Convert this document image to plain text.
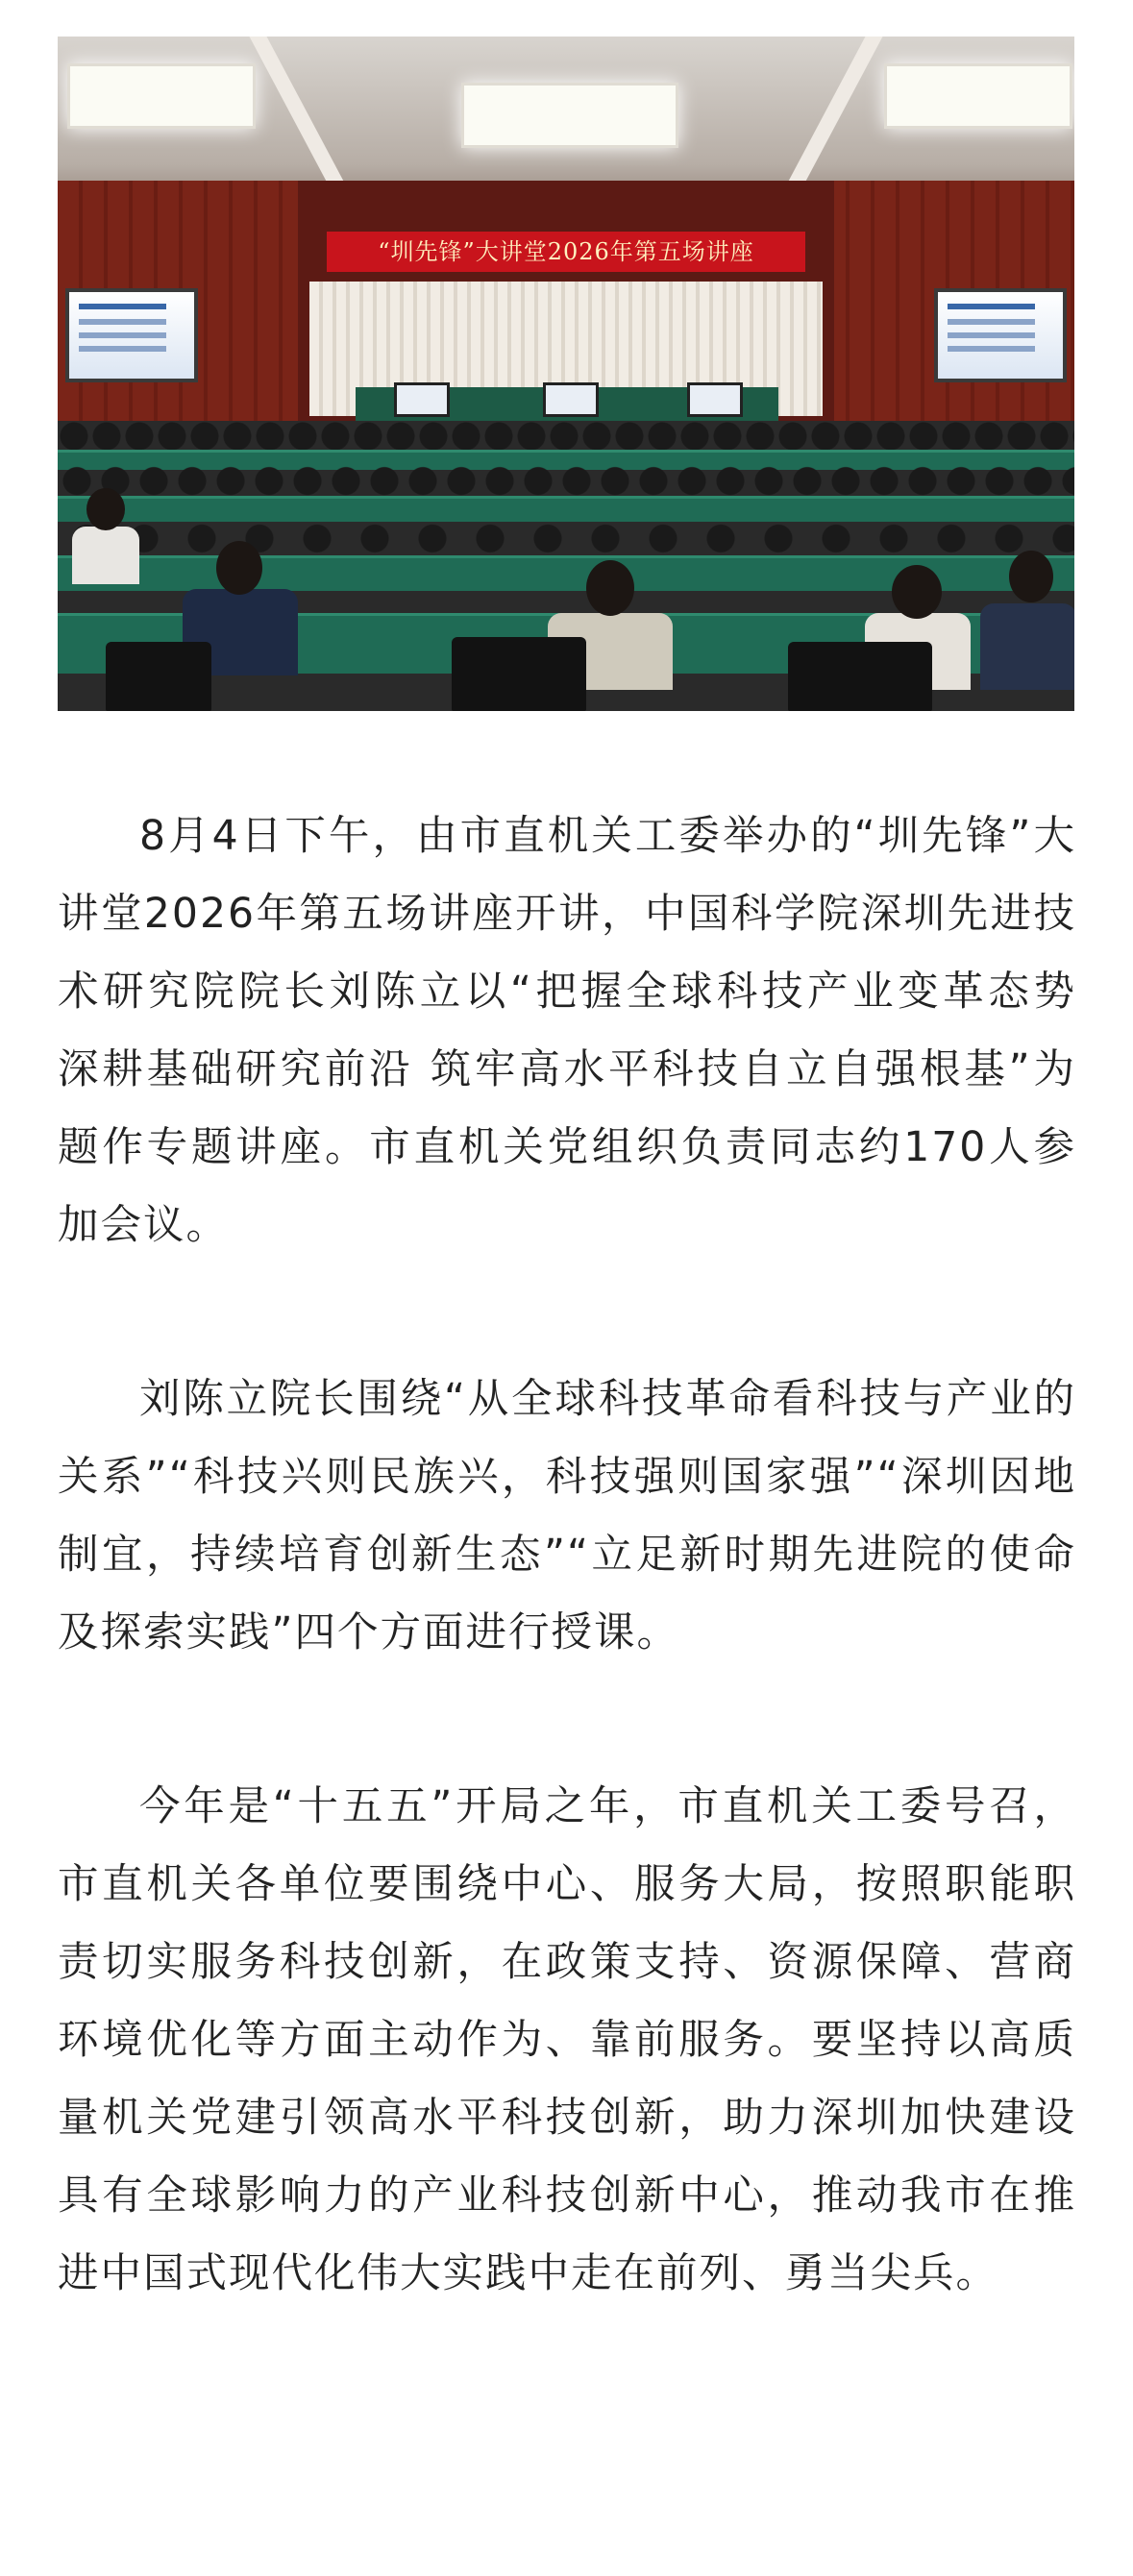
“圳先锋”大讲堂2026年第五场讲座

8月4日下午，由市直机关工委举办的“圳先锋”大讲堂2026年第五场讲座开讲，中国科学院深圳先进技术研究院院长刘陈立以“把握全球科技产业变革态势　深耕基础研究前沿 筑牢高水平科技自立自强根基”为题作专题讲座。市直机关党组织负责同志约170人参加会议。

刘陈立院长围绕“从全球科技革命看科技与产业的关系”“科技兴则民族兴，科技强则国家强”“深圳因地制宜，持续培育创新生态”“立足新时期先进院的使命及探索实践”四个方面进行授课。

今年是“十五五”开局之年，市直机关工委号召，市直机关各单位要围绕中心、服务大局，按照职能职责切实服务科技创新，在政策支持、资源保障、营商环境优化等方面主动作为、靠前服务。要坚持以高质量机关党建引领高水平科技创新，助力深圳加快建设具有全球影响力的产业科技创新中心，推动我市在推进中国式现代化伟大实践中走在前列、勇当尖兵。
